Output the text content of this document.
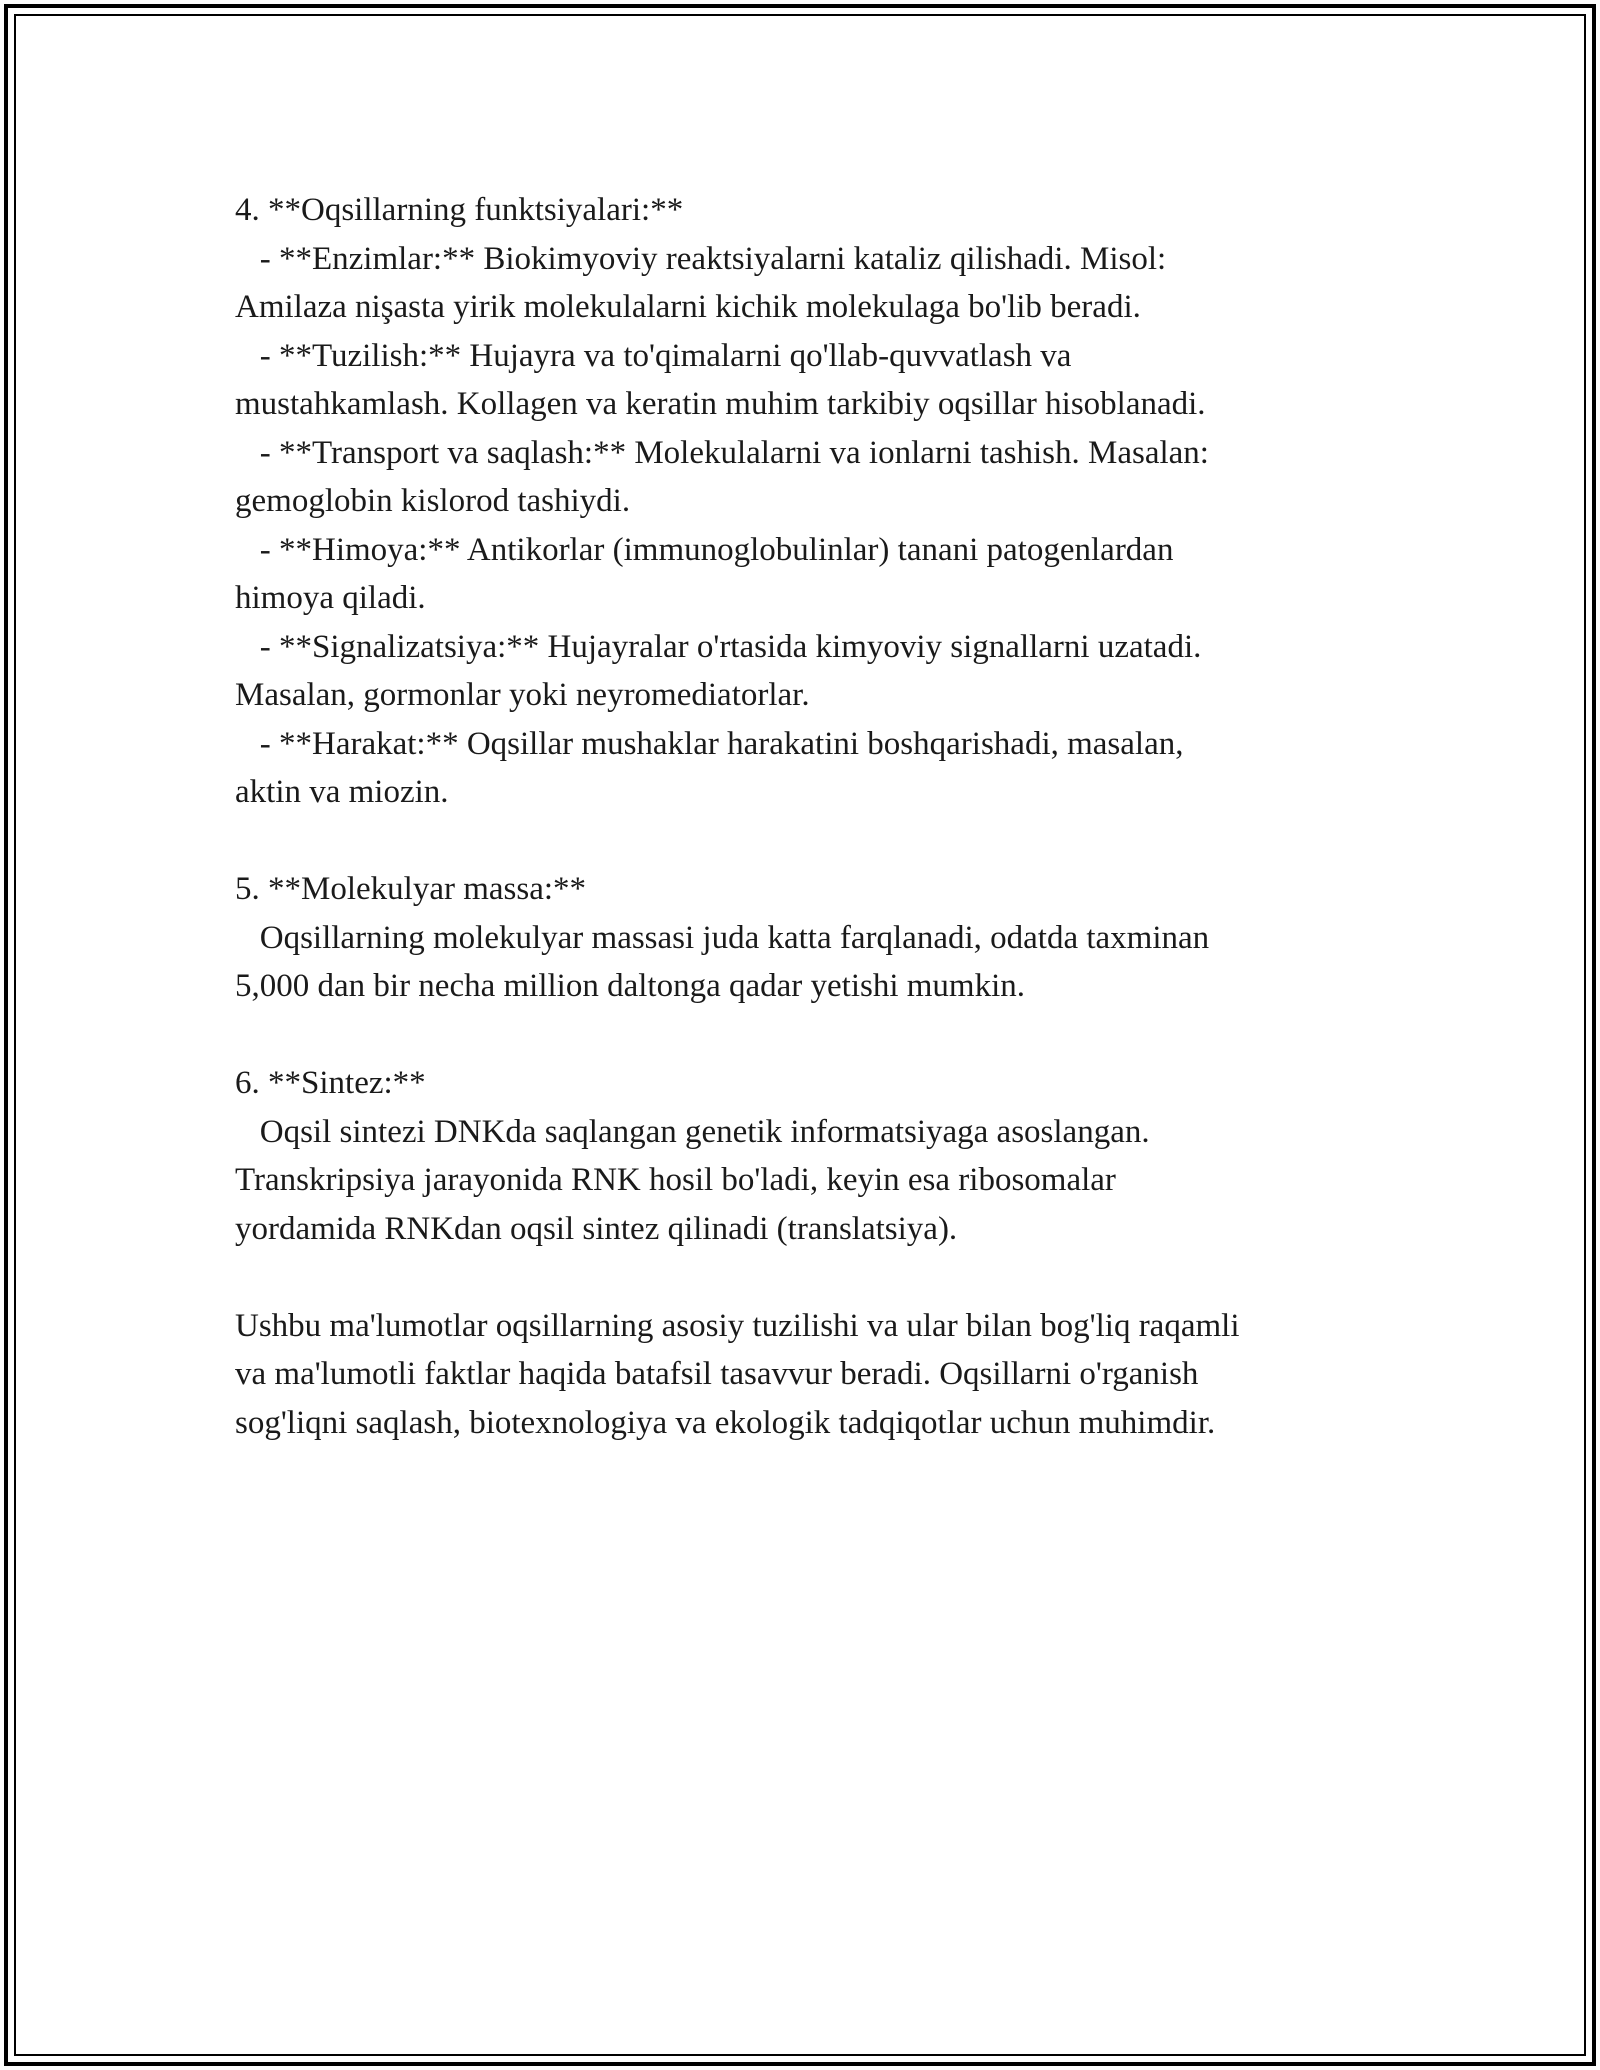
4. **Oqsillarning funktsiyalari:**
- **Enzimlar:** Biokimyoviy reaktsiyalarni kataliz qilishadi. Misol:
Amilaza nişasta yirik molekulalarni kichik molekulaga bo'lib beradi.
- **Tuzilish:** Hujayra va to'qimalarni qo'llab-quvvatlash va
mustahkamlash. Kollagen va keratin muhim tarkibiy oqsillar hisoblanadi.
- **Transport va saqlash:** Molekulalarni va ionlarni tashish. Masalan:
gemoglobin kislorod tashiydi.
- **Himoya:** Antikorlar (immunoglobulinlar) tanani patogenlardan
himoya qiladi.
- **Signalizatsiya:** Hujayralar o'rtasida kimyoviy signallarni uzatadi.
Masalan, gormonlar yoki neyromediatorlar.
- **Harakat:** Oqsillar mushaklar harakatini boshqarishadi, masalan,
aktin va miozin.
5. **Molekulyar massa:**
Oqsillarning molekulyar massasi juda katta farqlanadi, odatda taxminan
5,000 dan bir necha million daltonga qadar yetishi mumkin.
6. **Sintez:**
Oqsil sintezi DNKda saqlangan genetik informatsiyaga asoslangan.
Transkripsiya jarayonida RNK hosil bo'ladi, keyin esa ribosomalar
yordamida RNKdan oqsil sintez qilinadi (translatsiya).
Ushbu ma'lumotlar oqsillarning asosiy tuzilishi va ular bilan bog'liq raqamli
va ma'lumotli faktlar haqida batafsil tasavvur beradi. Oqsillarni o'rganish
sog'liqni saqlash, biotexnologiya va ekologik tadqiqotlar uchun muhimdir.
